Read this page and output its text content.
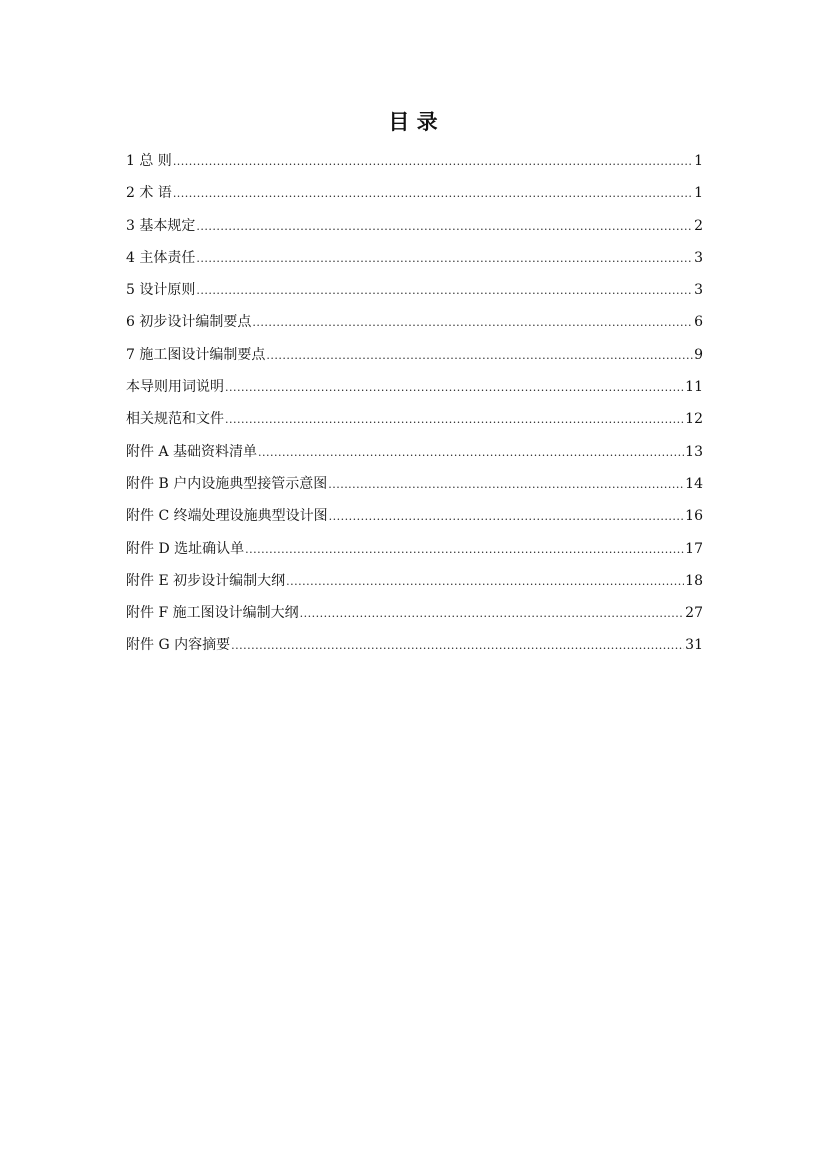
目 录
1 总 则 .....	1
2 术 语 .....	1
3 基本规定 .....	2
4 主体责任 .....	3
5 设计原则 .....	3
6 初步设计编制要点 .....	6
7 施工图设计编制要点 .....	9
本导则用词说明 .....	11
相关规范和文件 .....	12
附件 A 基础资料清单 .....	13
附件 B 户内设施典型接管示意图 .....	14
附件 C 终端处理设施典型设计图 .....	16
附件 D 选址确认单 .....	17
附件 E 初步设计编制大纲 .....	18
附件 F 施工图设计编制大纲 .....	27
附件 G 内容摘要 .....	31
